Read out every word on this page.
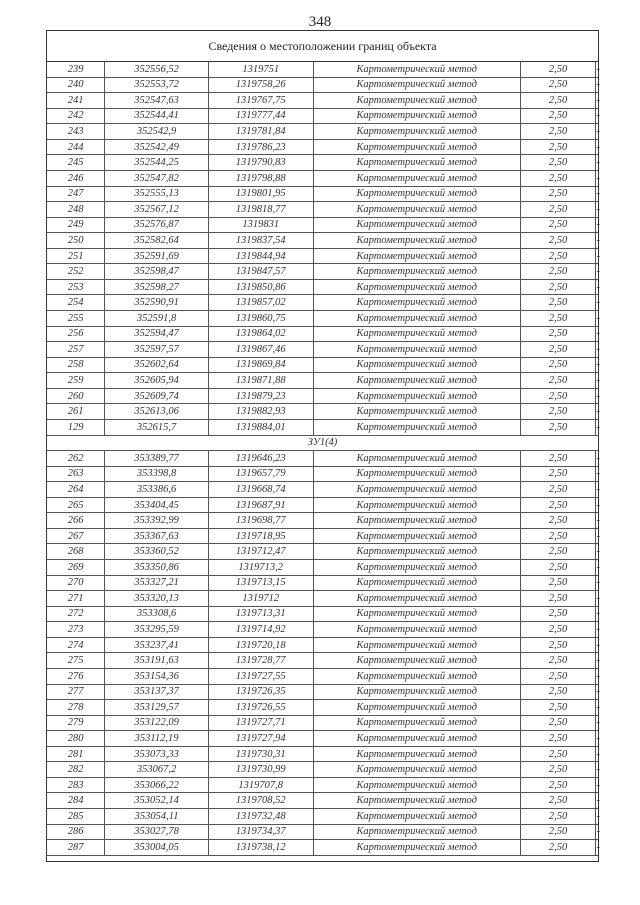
348
Сведения о местоположении границ объекта
239	352556,52	1319751	Картометрический метод	2,50	-
240	352553,72	1319758,26	Картометрический метод	2,50	-
241	352547,63	1319767,75	Картометрический метод	2,50	-
242	352544,41	1319777,44	Картометрический метод	2,50	-
243	352542,9	1319781,84	Картометрический метод	2,50	-
244	352542,49	1319786,23	Картометрический метод	2,50	-
245	352544,25	1319790,83	Картометрический метод	2,50	-
246	352547,82	1319798,88	Картометрический метод	2,50	-
247	352555,13	1319801,95	Картометрический метод	2,50	-
248	352567,12	1319818,77	Картометрический метод	2,50	-
249	352576,87	1319831	Картометрический метод	2,50	-
250	352582,64	1319837,54	Картометрический метод	2,50	-
251	352591,69	1319844,94	Картометрический метод	2,50	-
252	352598,47	1319847,57	Картометрический метод	2,50	-
253	352598,27	1319850,86	Картометрический метод	2,50	-
254	352590,91	1319857,02	Картометрический метод	2,50	-
255	352591,8	1319860,75	Картометрический метод	2,50	-
256	352594,47	1319864,02	Картометрический метод	2,50	-
257	352597,57	1319867,46	Картометрический метод	2,50	-
258	352602,64	1319869,84	Картометрический метод	2,50	-
259	352605,94	1319871,88	Картометрический метод	2,50	-
260	352609,74	1319879,23	Картометрический метод	2,50	-
261	352613,06	1319882,93	Картометрический метод	2,50	-
129	352615,7	1319884,01	Картометрический метод	2,50	-
ЗУ1(4)					
262	353389,77	1319646,23	Картометрический метод	2,50	-
263	353398,8	1319657,79	Картометрический метод	2,50	-
264	353386,6	1319668,74	Картометрический метод	2,50	-
265	353404,45	1319687,91	Картометрический метод	2,50	-
266	353392,99	1319698,77	Картометрический метод	2,50	-
267	353367,63	1319718,95	Картометрический метод	2,50	-
268	353360,52	1319712,47	Картометрический метод	2,50	-
269	353350,86	1319713,2	Картометрический метод	2,50	-
270	353327,21	1319713,15	Картометрический метод	2,50	-
271	353320,13	1319712	Картометрический метод	2,50	-
272	353308,6	1319713,31	Картометрический метод	2,50	-
273	353295,59	1319714,92	Картометрический метод	2,50	-
274	353237,41	1319720,18	Картометрический метод	2,50	-
275	353191,63	1319728,77	Картометрический метод	2,50	-
276	353154,36	1319727,55	Картометрический метод	2,50	-
277	353137,37	1319726,35	Картометрический метод	2,50	-
278	353129,57	1319726,55	Картометрический метод	2,50	-
279	353122,09	1319727,71	Картометрический метод	2,50	-
280	353112,19	1319727,94	Картометрический метод	2,50	-
281	353073,33	1319730,31	Картометрический метод	2,50	-
282	353067,2	1319730,99	Картометрический метод	2,50	-
283	353066,22	1319707,8	Картометрический метод	2,50	-
284	353052,14	1319708,52	Картометрический метод	2,50	-
285	353054,11	1319732,48	Картометрический метод	2,50	-
286	353027,78	1319734,37	Картометрический метод	2,50	-
287	353004,05	1319738,12	Картометрический метод	2,50	-
